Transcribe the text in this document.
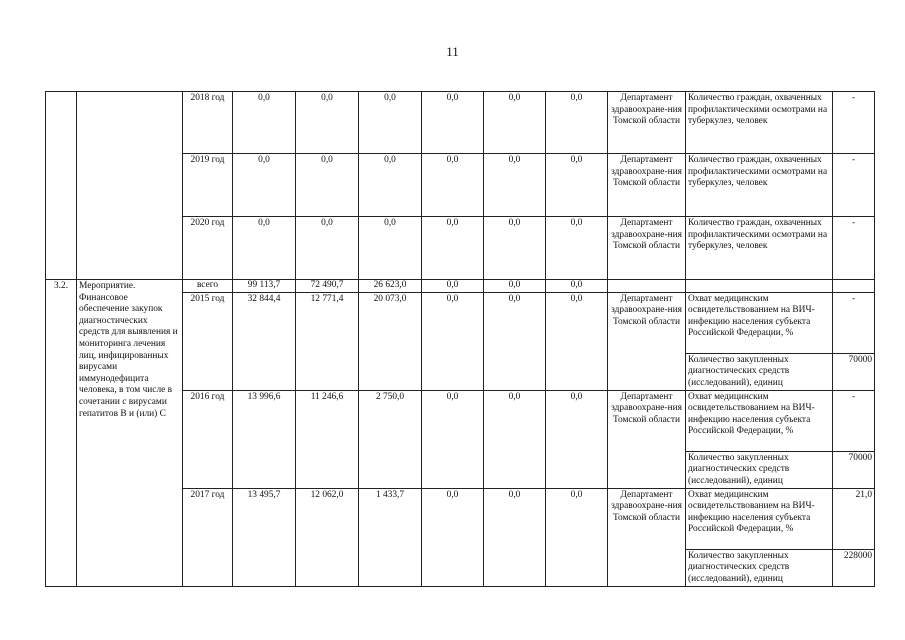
11
		2018 год	0,0	0,0	0,0	0,0	0,0	0,0	Департамент здравоохране-ния Томской области	Количество граждан, охваченных профилактическими осмотрами на туберкулез, человек	-
		2019 год	0,0	0,0	0,0	0,0	0,0	0,0	Департамент здравоохране-ния Томской области	Количество граждан, охваченных профилактическими осмотрами на туберкулез, человек	-
		2020 год	0,0	0,0	0,0	0,0	0,0	0,0	Департамент здравоохране-ния Томской области	Количество граждан, охваченных профилактическими осмотрами на туберкулез, человек	-
3.2.	Мероприятие. Финансовое обеспечение закупок диагностических средств для выявления и мониторинга лечения лиц, инфицированных вирусами иммунодефицита человека, в том числе в сочетании с вирусами гепатитов B и (или) C	всего	99 113,7	72 490,7	26 623,0	0,0	0,0	0,0			
		2015 год	32 844,4	12 771,4	20 073,0	0,0	0,0	0,0	Департамент здравоохране-ния Томской области	Охват медицинским освидетельствованием на ВИЧ-инфекцию населения субъекта Российской Федерации, %	-
										Количество закупленных диагностических средств (исследований), единиц	70000
		2016 год	13 996,6	11 246,6	2 750,0	0,0	0,0	0,0	Департамент здравоохране-ния Томской области	Охват медицинским освидетельствованием на ВИЧ-инфекцию населения субъекта Российской Федерации, %	-
										Количество закупленных диагностических средств (исследований), единиц	70000
		2017 год	13 495,7	12 062,0	1 433,7	0,0	0,0	0,0	Департамент здравоохране-ния Томской области	Охват медицинским освидетельствованием на ВИЧ-инфекцию населения субъекта Российской Федерации, %	21,0
										Количество закупленных диагностических средств (исследований), единиц	228000
